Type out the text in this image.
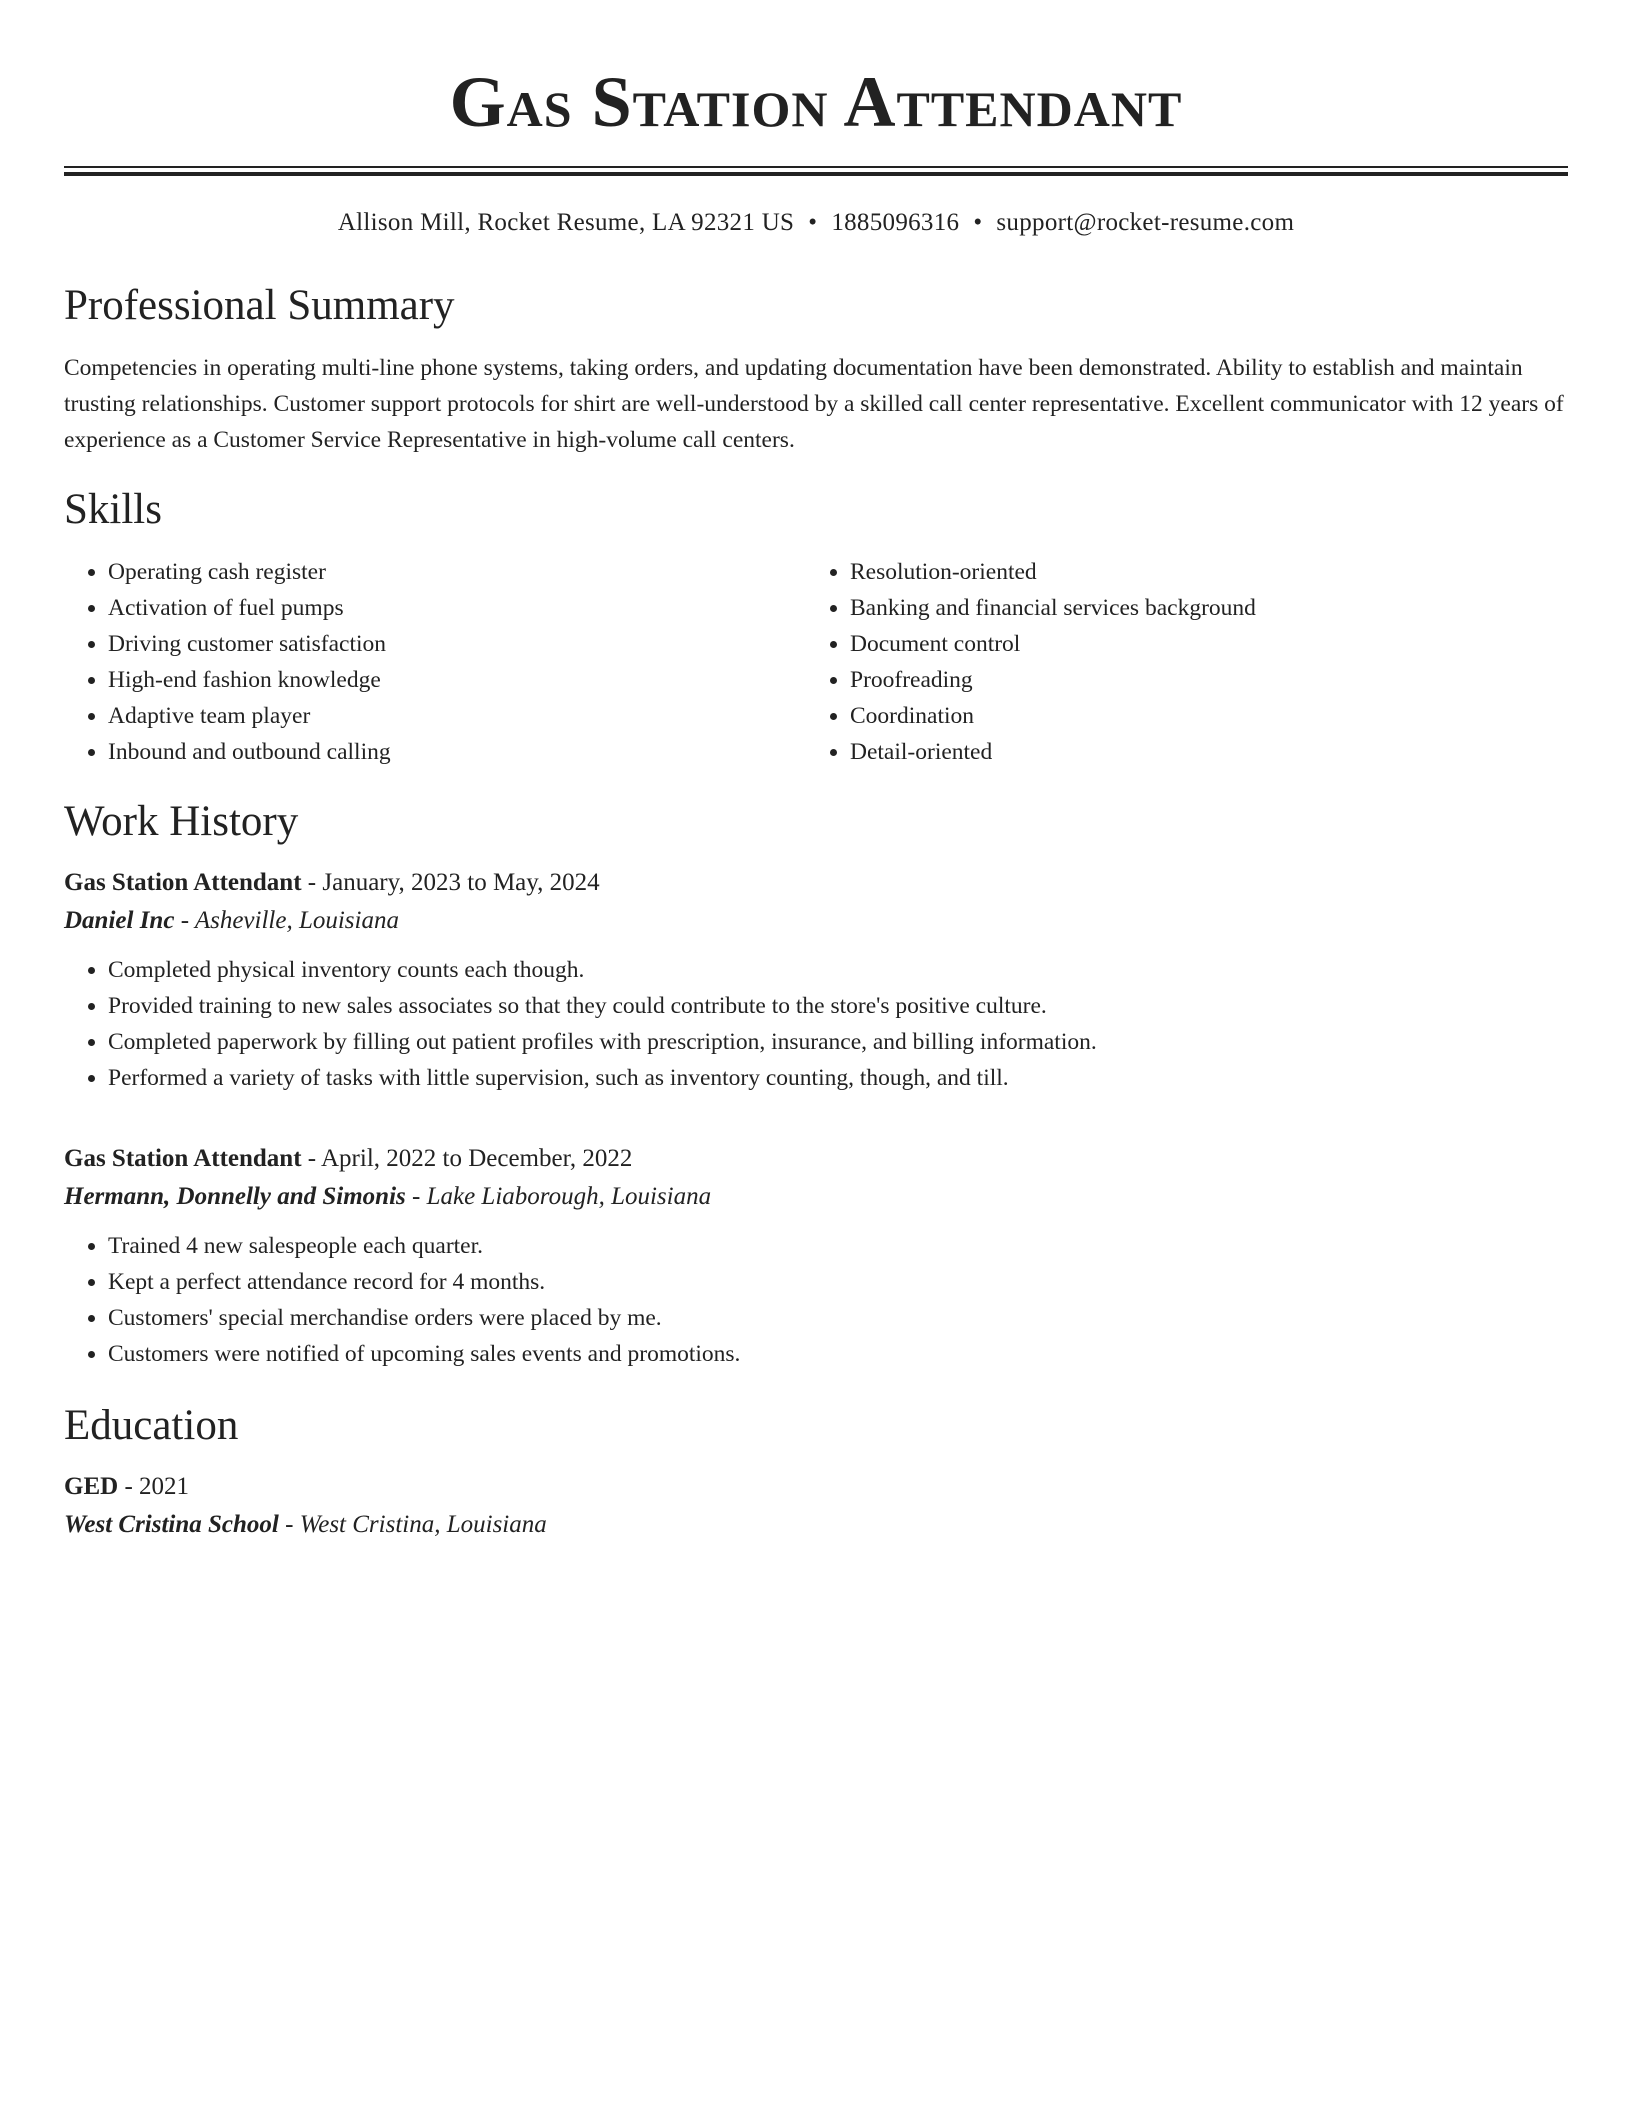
Gas Station Attendant
Allison Mill, Rocket Resume, LA 92321 US • 1885096316 • support@rocket-resume.com
Professional Summary

Competencies in operating multi-line phone systems, taking orders, and updating documentation have been demonstrated. Ability to establish and maintain trusting relationships. Customer support protocols for shirt are well-understood by a skilled call center representative. Excellent communicator with 12 years of experience as a Customer Service Representative in high-volume call centers.

Skills
• Operating cash register
• Activation of fuel pumps
• Driving customer satisfaction
• High-end fashion knowledge
• Adaptive team player
• Inbound and outbound calling
• Resolution-oriented
• Banking and financial services background
• Document control
• Proofreading
• Coordination
• Detail-oriented
Work History
Gas Station Attendant - January, 2023 to May, 2024
Daniel Inc - Asheville, Louisiana
• Completed physical inventory counts each though.
• Provided training to new sales associates so that they could contribute to the store's positive culture.
• Completed paperwork by filling out patient profiles with prescription, insurance, and billing information.
• Performed a variety of tasks with little supervision, such as inventory counting, though, and till.
Gas Station Attendant - April, 2022 to December, 2022
Hermann, Donnelly and Simonis - Lake Liaborough, Louisiana
• Trained 4 new salespeople each quarter.
• Kept a perfect attendance record for 4 months.
• Customers' special merchandise orders were placed by me.
• Customers were notified of upcoming sales events and promotions.
Education
GED - 2021
West Cristina School - West Cristina, Louisiana
